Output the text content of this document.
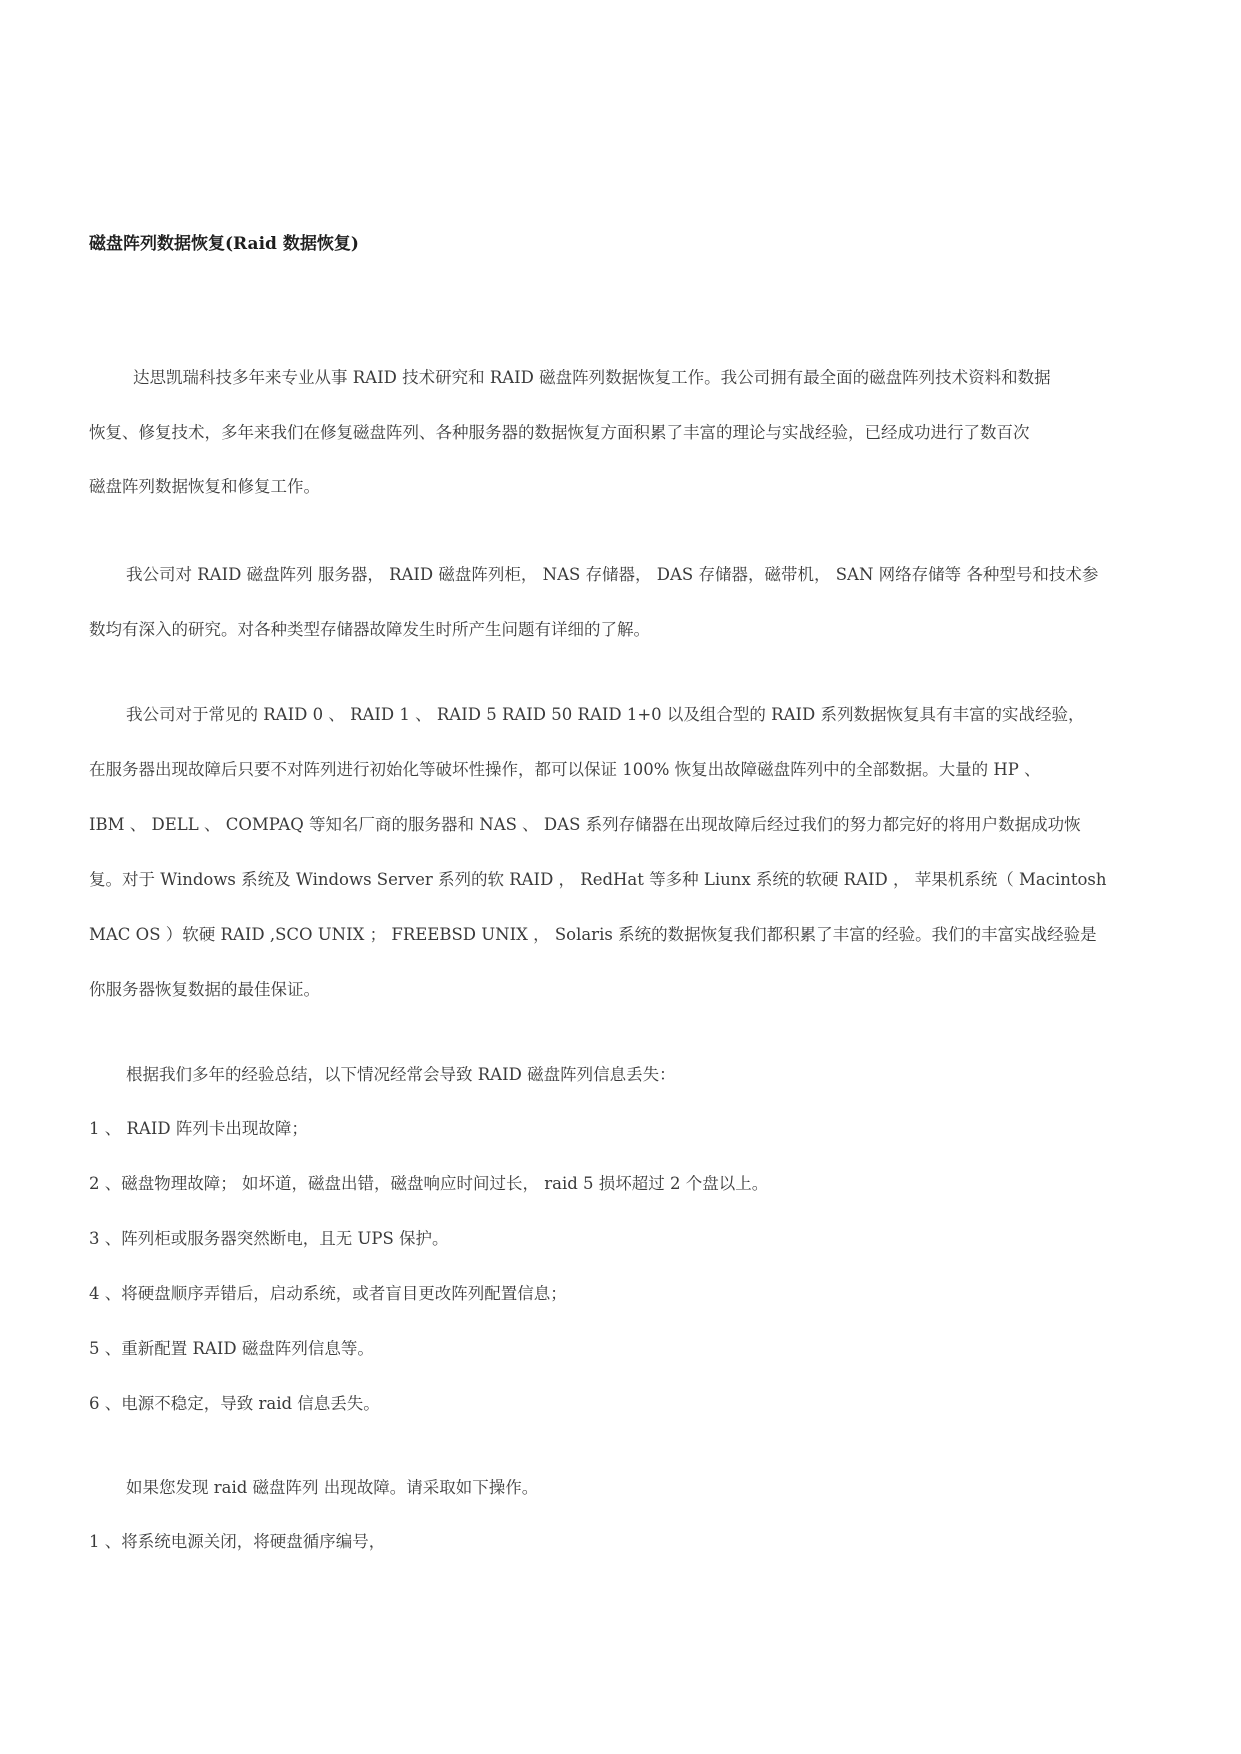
磁盘阵列数据恢复(Raid 数据恢复)

达思凯瑞科技多年来专业从事 RAID 技术研究和 RAID 磁盘阵列数据恢复工作。我公司拥有最全面的磁盘阵列技术资料和数据

恢复、修复技术，多年来我们在修复磁盘阵列、各种服务器的数据恢复方面积累了丰富的理论与实战经验，已经成功进行了数百次

磁盘阵列数据恢复和修复工作。

我公司对 RAID 磁盘阵列 服务器， RAID 磁盘阵列柜， NAS 存储器， DAS 存储器，磁带机， SAN 网络存储等 各种型号和技术参

数均有深入的研究。对各种类型存储器故障发生时所产生问题有详细的了解。

我公司对于常见的 RAID 0 、 RAID 1 、 RAID 5 RAID 50 RAID 1+0 以及组合型的 RAID 系列数据恢复具有丰富的实战经验，

在服务器出现故障后只要不对阵列进行初始化等破坏性操作，都可以保证 100% 恢复出故障磁盘阵列中的全部数据。大量的 HP 、

IBM 、 DELL 、 COMPAQ 等知名厂商的服务器和 NAS 、 DAS 系列存储器在出现故障后经过我们的努力都完好的将用户数据成功恢

复。对于 Windows 系统及 Windows Server 系列的软 RAID ， RedHat 等多种 Liunx 系统的软硬 RAID ， 苹果机系统（ Macintosh

MAC OS ）软硬 RAID ,SCO UNIX ； FREEBSD UNIX ， Solaris 系统的数据恢复我们都积累了丰富的经验。我们的丰富实战经验是

你服务器恢复数据的最佳保证。

根据我们多年的经验总结，以下情况经常会导致 RAID 磁盘阵列信息丢失：

1 、 RAID 阵列卡出现故障；

2 、磁盘物理故障； 如坏道，磁盘出错，磁盘响应时间过长， raid 5 损坏超过 2 个盘以上。

3 、阵列柜或服务器突然断电，且无 UPS 保护。

4 、将硬盘顺序弄错后，启动系统，或者盲目更改阵列配置信息；

5 、重新配置 RAID 磁盘阵列信息等。

6 、电源不稳定，导致 raid 信息丢失。

如果您发现 raid 磁盘阵列 出现故障。请采取如下操作。

1 、将系统电源关闭，将硬盘循序编号，
